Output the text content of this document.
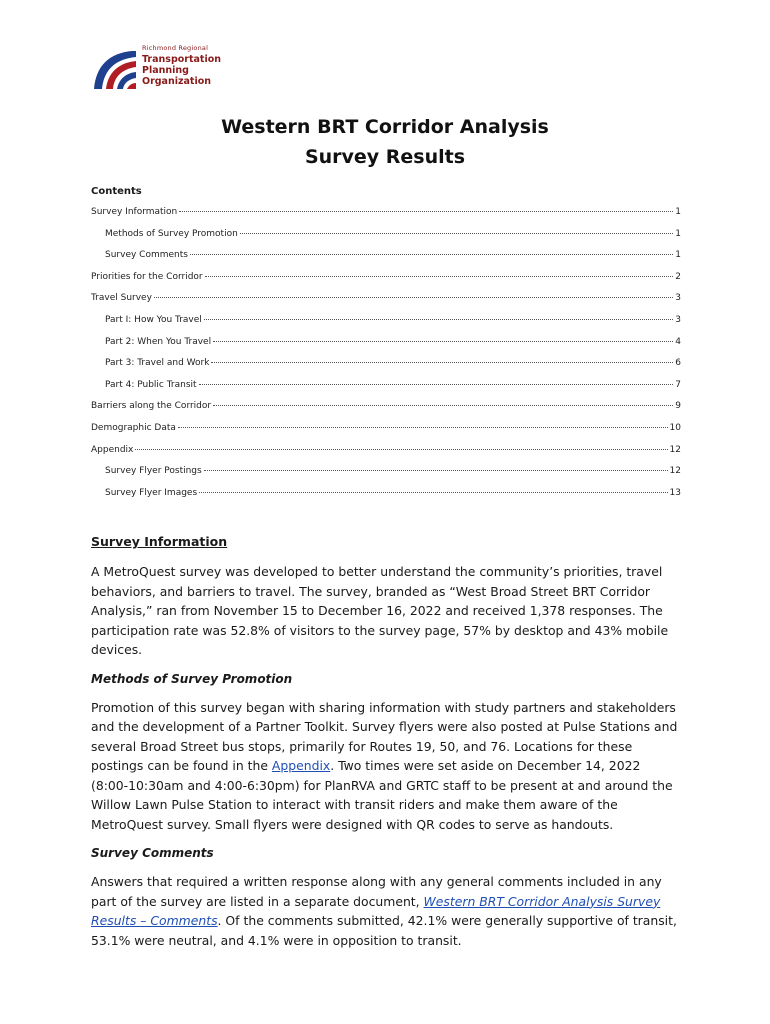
Richmond Regional
Transportation
Planning
Organization
Western BRT Corridor Analysis
Survey Results
Contents
Survey Information	1
Methods of Survey Promotion	1
Survey Comments	1
Priorities for the Corridor	2
Travel Survey	3
Part I: How You Travel	3
Part 2: When You Travel	4
Part 3: Travel and Work	6
Part 4: Public Transit	7
Barriers along the Corridor	9
Demographic Data	10
Appendix	12
Survey Flyer Postings	12
Survey Flyer Images	13
Survey Information

A MetroQuest survey was developed to better understand the community’s priorities, travel behaviors, and barriers to travel. The survey, branded as “West Broad Street BRT Corridor Analysis,” ran from November 15 to December 16, 2022 and received 1,378 responses. The participation rate was 52.8% of visitors to the survey page, 57% by desktop and 43% mobile devices.

Methods of Survey Promotion

Promotion of this survey began with sharing information with study partners and stakeholders and the development of a Partner Toolkit. Survey flyers were also posted at Pulse Stations and several Broad Street bus stops, primarily for Routes 19, 50, and 76. Locations for these postings can be found in the Appendix. Two times were set aside on December 14, 2022 (8:00-10:30am and 4:00-6:30pm) for PlanRVA and GRTC staff to be present at and around the Willow Lawn Pulse Station to interact with transit riders and make them aware of the MetroQuest survey. Small flyers were designed with QR codes to serve as handouts.

Survey Comments

Answers that required a written response along with any general comments included in any part of the survey are listed in a separate document, Western BRT Corridor Analysis Survey Results – Comments. Of the comments submitted, 42.1% were generally supportive of transit, 53.1% were neutral, and 4.1% were in opposition to transit.
